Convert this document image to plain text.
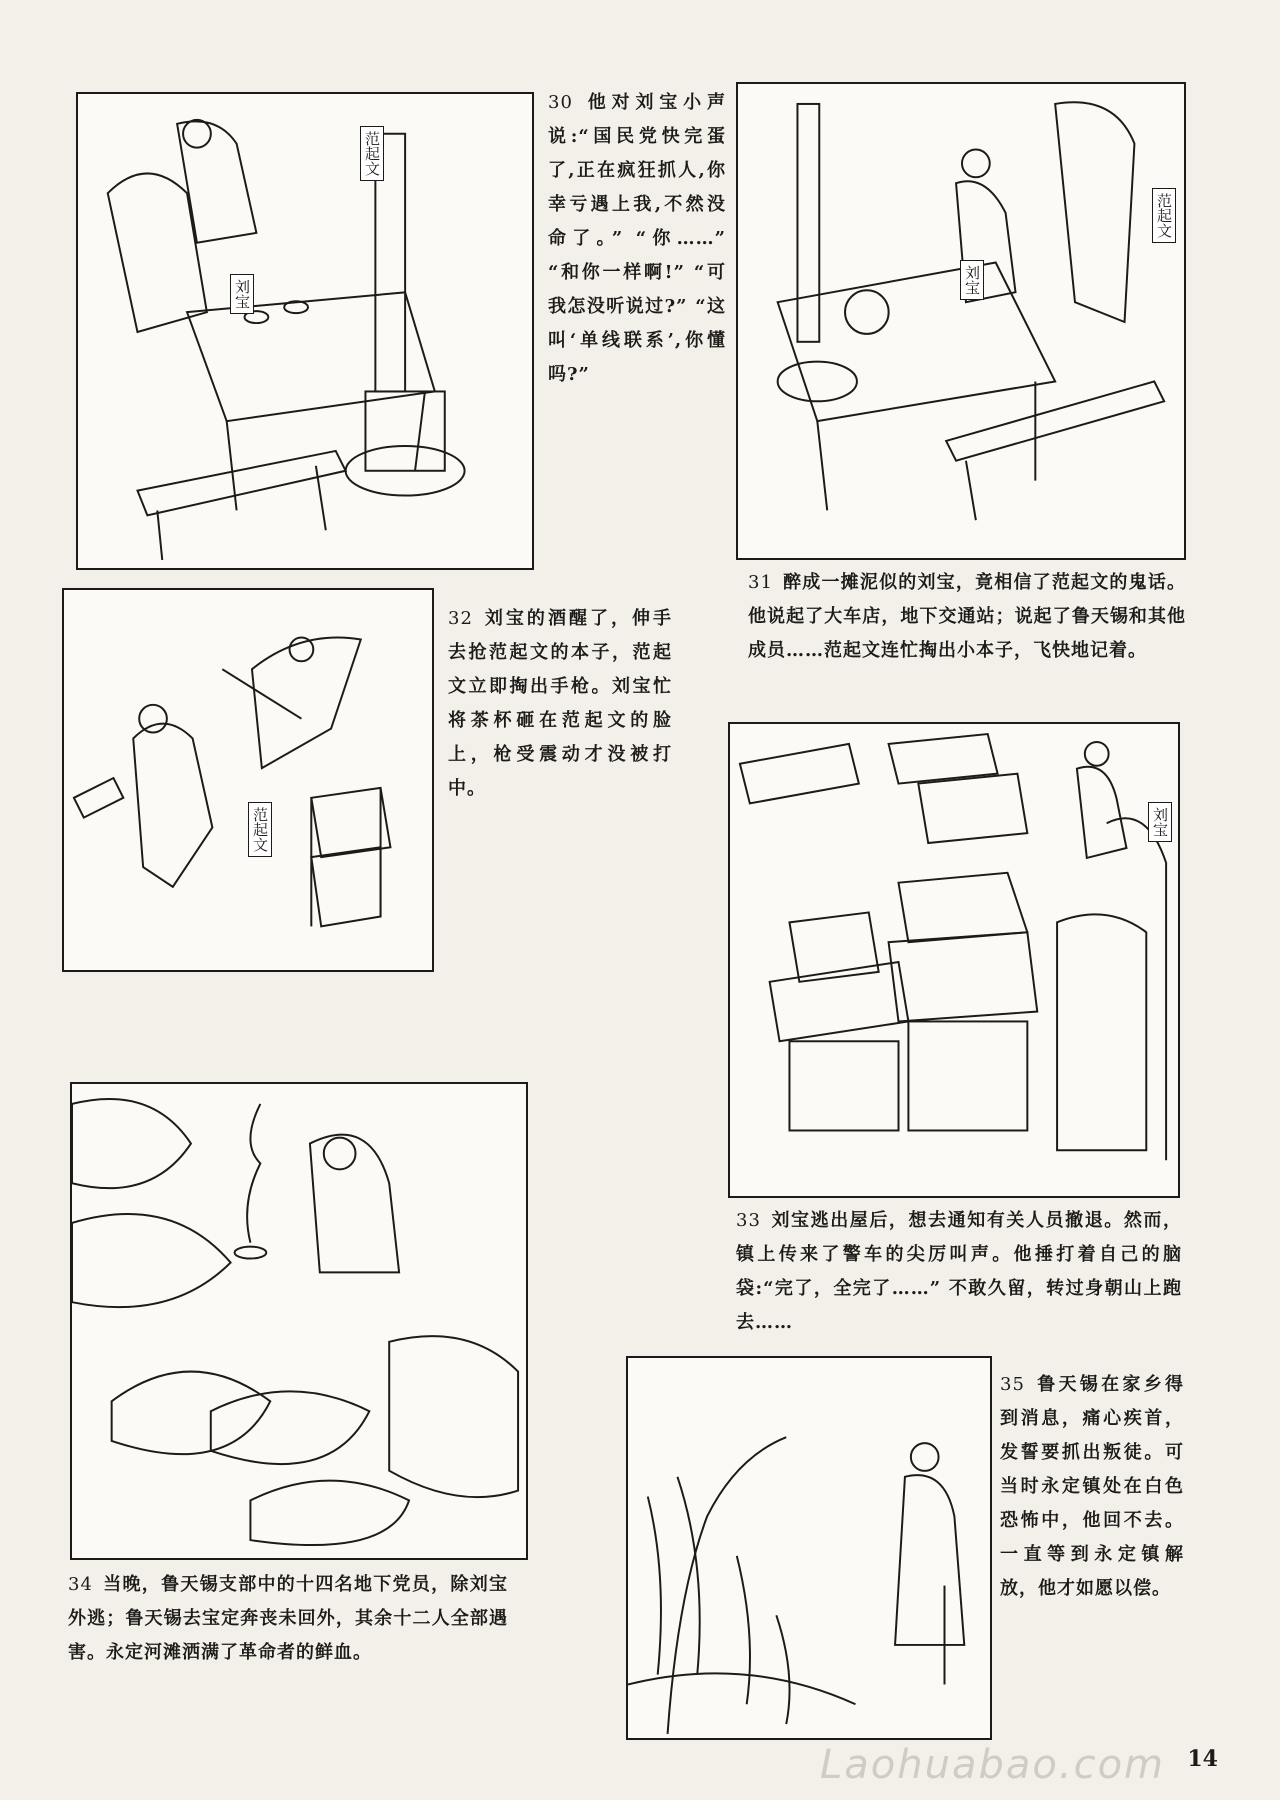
范起文
刘宝
30 他对刘宝小声说:“国民党快完蛋了,正在疯狂抓人,你幸亏遇上我,不然没命了。” “你……” “和你一样啊!” “可我怎没听说过?” “这叫‘单线联系’,你懂吗?”
范起文
刘宝
31 醉成一摊泥似的刘宝，竟相信了范起文的鬼话。他说起了大车店，地下交通站；说起了鲁天锡和其他成员……范起文连忙掏出小本子，飞快地记着。
范起文
32 刘宝的酒醒了，伸手去抢范起文的本子，范起文立即掏出手枪。刘宝忙将茶杯砸在范起文的脸上，枪受震动才没被打中。
刘宝
33 刘宝逃出屋后，想去通知有关人员撤退。然而，镇上传来了警车的尖厉叫声。他捶打着自己的脑袋:“完了，全完了……” 不敢久留，转过身朝山上跑去……
34 当晚，鲁天锡支部中的十四名地下党员，除刘宝外逃；鲁天锡去宝定奔丧未回外，其余十二人全部遇害。永定河滩洒满了革命者的鲜血。
35 鲁天锡在家乡得到消息，痛心疾首，发誓要抓出叛徒。可当时永定镇处在白色恐怖中，他回不去。一直等到永定镇解放，他才如愿以偿。
Laohuabao.com 14
